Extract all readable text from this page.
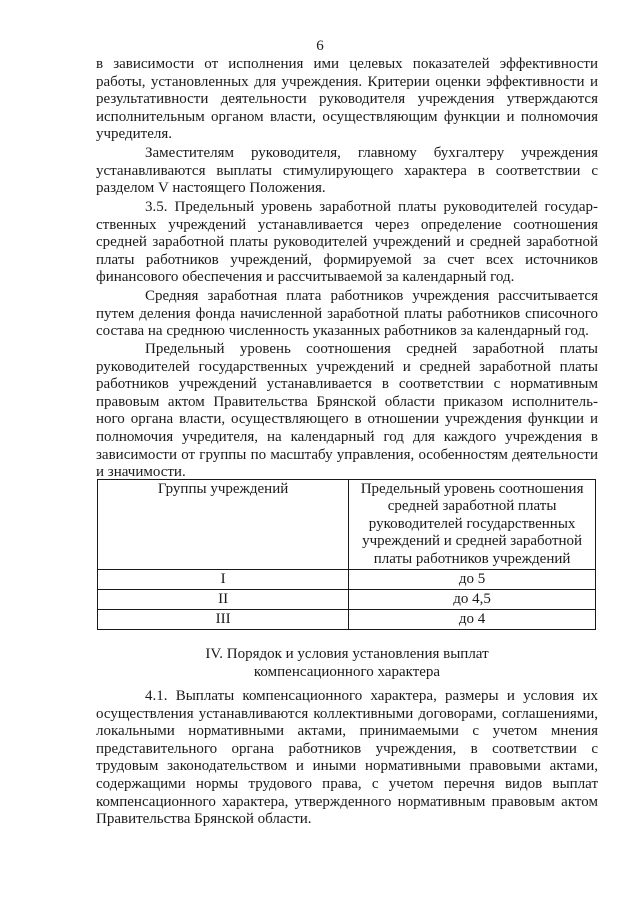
6
в зависимости от исполнения ими целевых показателей эффективности
работы, установленных для учреждения. Критерии оценки эффективности и
результативности деятельности руководителя учреждения утверждаются
исполнительным органом власти, осуществляющим функции и полномочия
учредителя.
Заместителям руководителя, главному бухгалтеру учреждения
устанавливаются выплаты стимулирующего характера в соответствии с
разделом V настоящего Положения.
3.5. Предельный уровень заработной платы руководителей государ-
ственных учреждений устанавливается через определение соотношения
средней заработной платы руководителей учреждений и средней заработной
платы работников учреждений, формируемой за счет всех источников
финансового обеспечения и рассчитываемой за календарный год.
Средняя заработная плата работников учреждения рассчитывается
путем деления фонда начисленной заработной платы работников списочного
состава на среднюю численность указанных работников за календарный год.
Предельный уровень соотношения средней заработной платы
руководителей государственных учреждений и средней заработной платы
работников учреждений устанавливается в соответствии с нормативным
правовым актом Правительства Брянской области приказом исполнитель-
ного органа власти, осуществляющего в отношении учреждения функции и
полномочия учредителя, на календарный год для каждого учреждения в
зависимости от группы по масштабу управления, особенностям деятельности
и значимости.
Группы учреждений	Предельный уровень соотношения
средней заработной платы
руководителей государственных
учреждений и средней заработной
платы работников учреждений

I	до 5
II	до 4,5
III	до 4
IV. Порядок и условия установления выплат
компенсационного характера
4.1. Выплаты компенсационного характера, размеры и условия их
осуществления устанавливаются коллективными договорами, соглашениями,
локальными нормативными актами, принимаемыми с учетом мнения
представительного органа работников учреждения, в соответствии с
трудовым законодательством и иными нормативными правовыми актами,
содержащими нормы трудового права, с учетом перечня видов выплат
компенсационного характера, утвержденного нормативным правовым актом
Правительства Брянской области.
